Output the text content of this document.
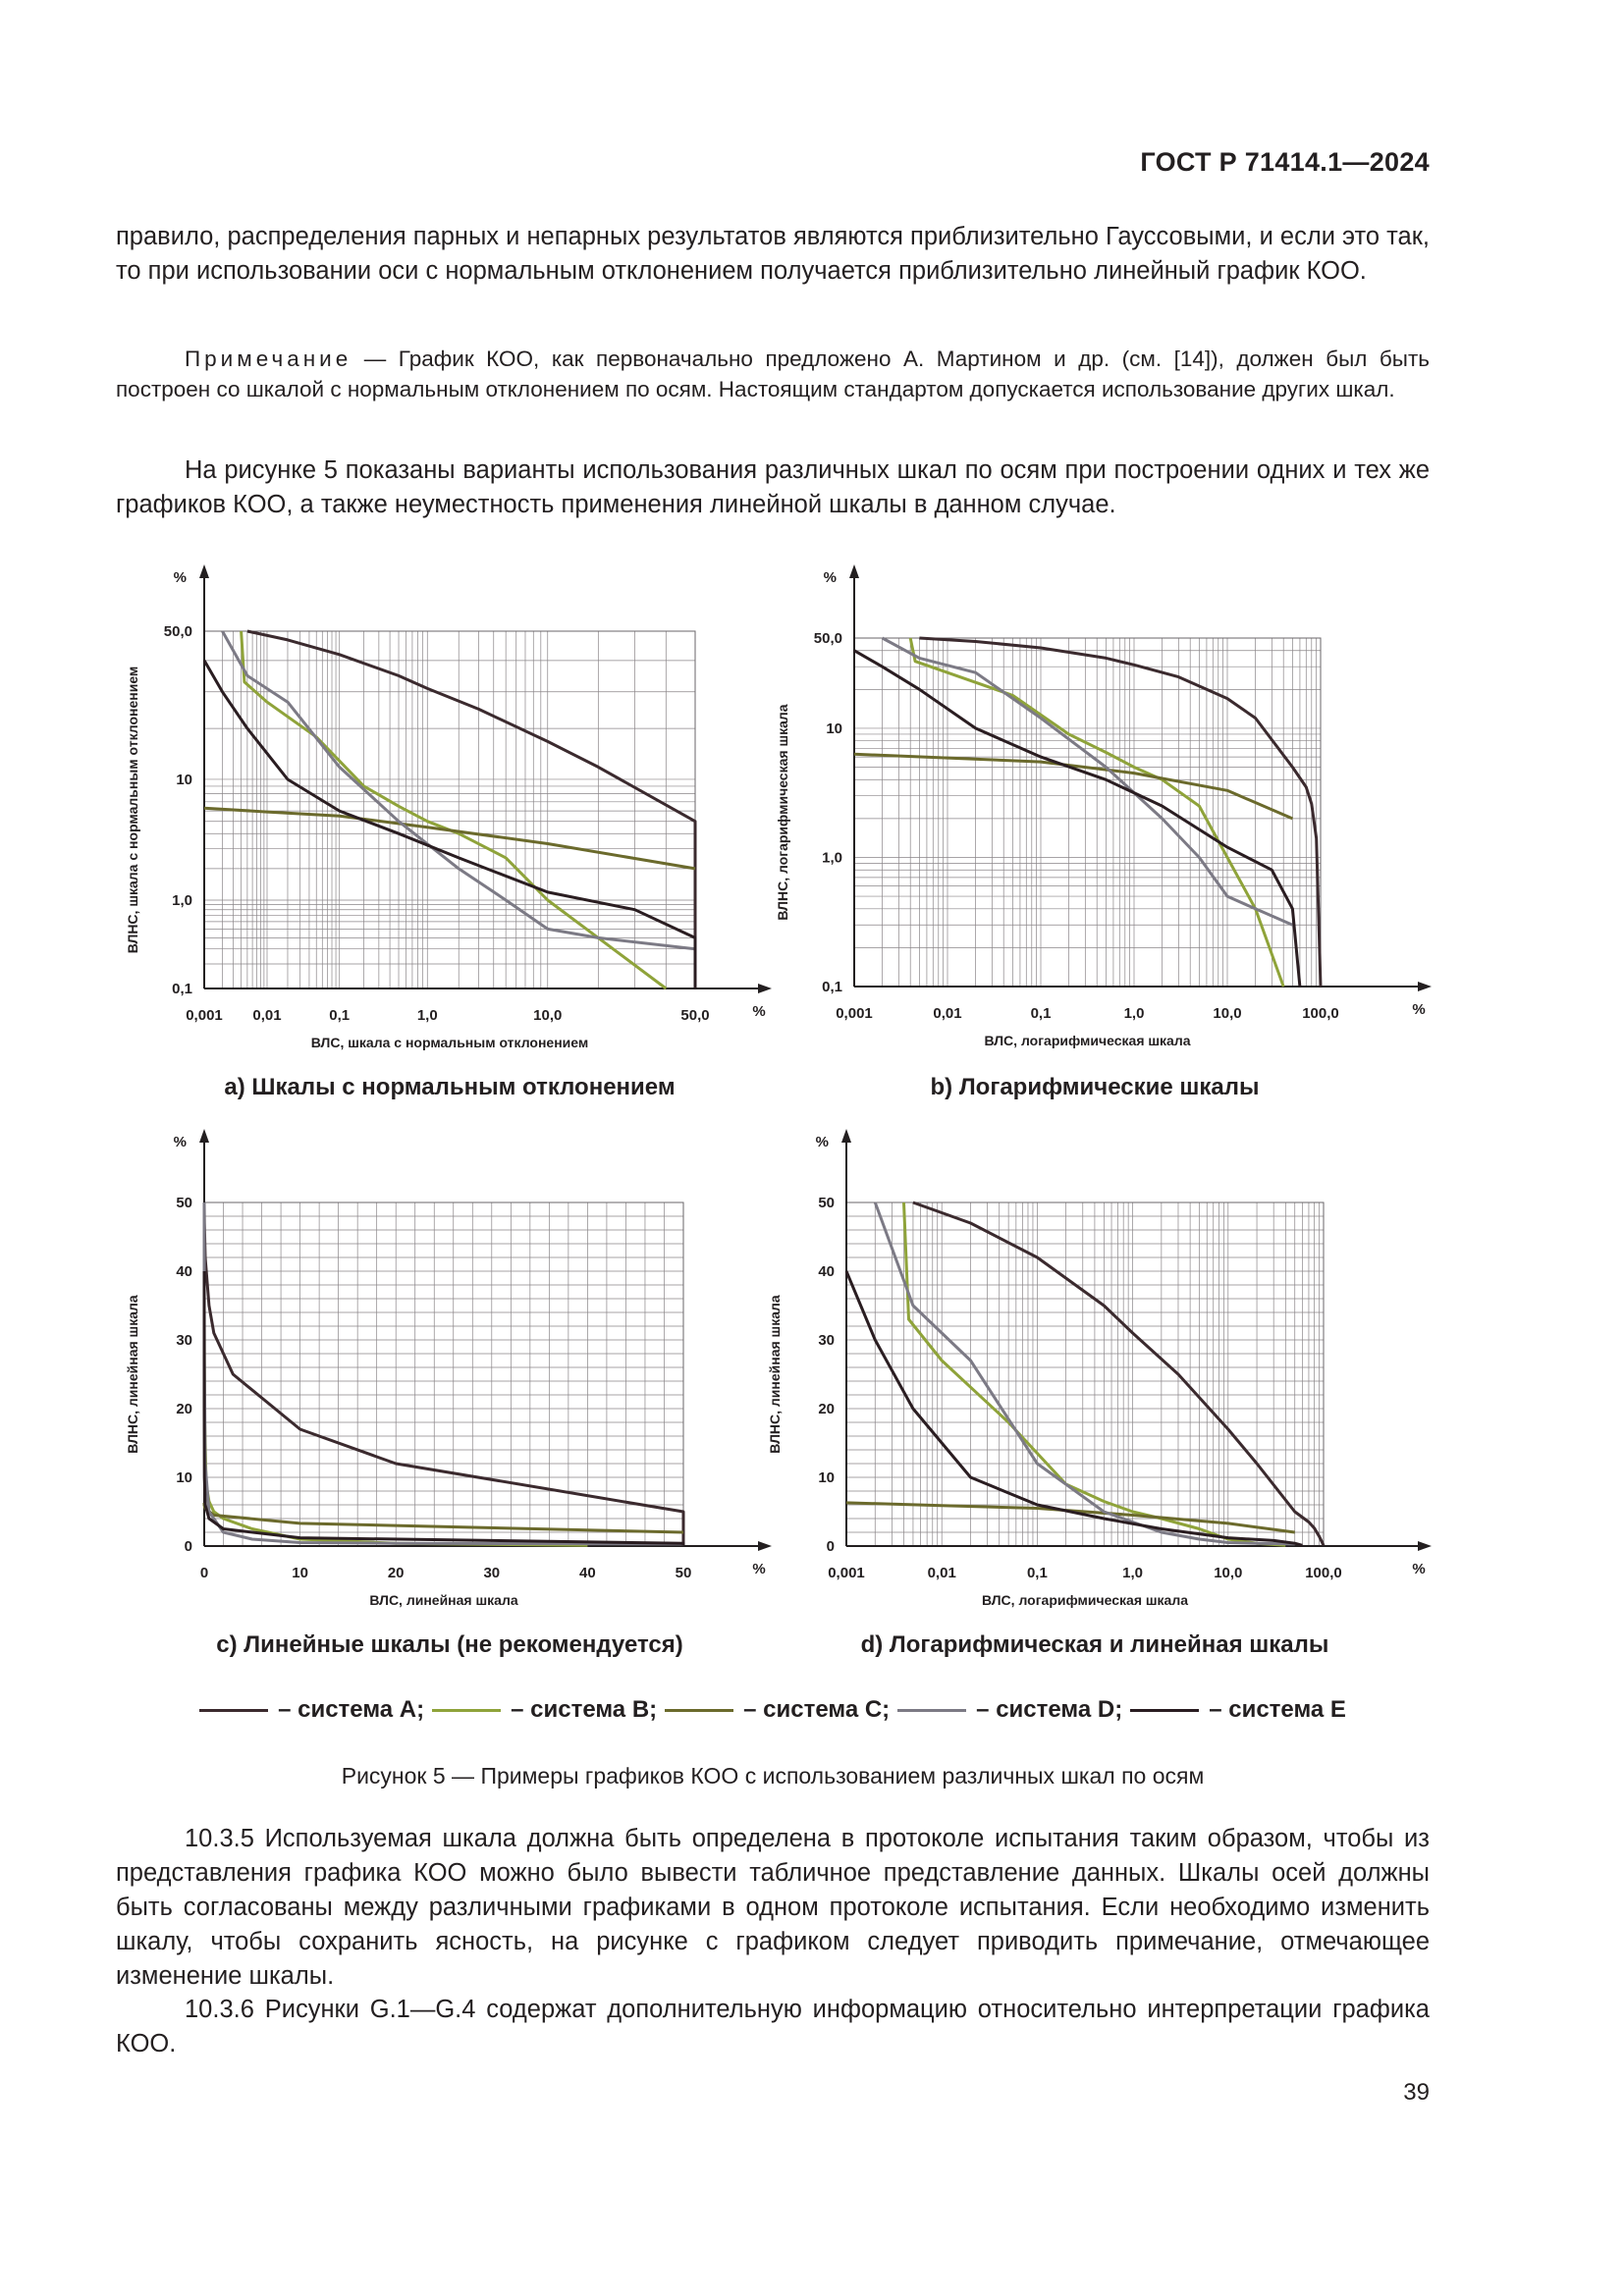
ГОСТ Р 71414.1—2024
правило, распределения парных и непарных результатов являются приблизительно Гауссовыми, и если это так, то при использовании оси с нормальным отклонением получается приблизительно линейный график КОО.
Примечание — График КОО, как первоначально предложено А. Мартином и др. (см. [14]), должен был быть построен со шкалой с нормальным отклонением по осям. Настоящим стандартом допускается использование других шкал.
На рисунке 5 показаны варианты использования различных шкал по осям при построении одних и тех же графиков КОО, а также неуместность применения линейной шкалы в данном случае.
0,001 0,01	0,1	1,0	10,0	50,0
0,1
1,0
10
50,0
%
%
ВЛС, шкала с нормальным отклонением
ВЛНС, шкала с нормальным отклонением
а) Шкалы с нормальным отклонением
0,001	0,01	0,1	1,0	10,0	100,0
0,1
1,0
10
50,0
%
%
ВЛС, логарифмическая шкала
ВЛНС, логарифмическая шкала
b) Логарифмические шкалы
0	10	20	30	40	50
0
10
20
30
40
50
%
%
ВЛС, линейная шкала
ВЛНС, линейная шкала
с) Линейные шкалы (не рекомендуется)
0,001	0,01	0,1	1,0	10,0	100,0
0
10
20
30
40
50
%
%
ВЛС, логарифмическая шкала
ВЛНС, линейная шкала
d) Логарифмическая и линейная шкалы
– система A;	– система B;	– система C;	– система D;	– система E
Рисунок 5 — Примеры графиков КОО с использованием различных шкал по осям
10.3.5 Используемая шкала должна быть определена в протоколе испытания таким образом, чтобы из представления графика КОО можно было вывести табличное представление данных. Шкалы осей должны быть согласованы между различными графиками в одном протоколе испытания. Если необходимо изменить шкалу, чтобы сохранить ясность, на рисунке с графиком следует приводить примечание, отмечающее изменение шкалы.
10.3.6 Рисунки G.1—G.4 содержат дополнительную информацию относительно интерпретации графика КОО.
39
